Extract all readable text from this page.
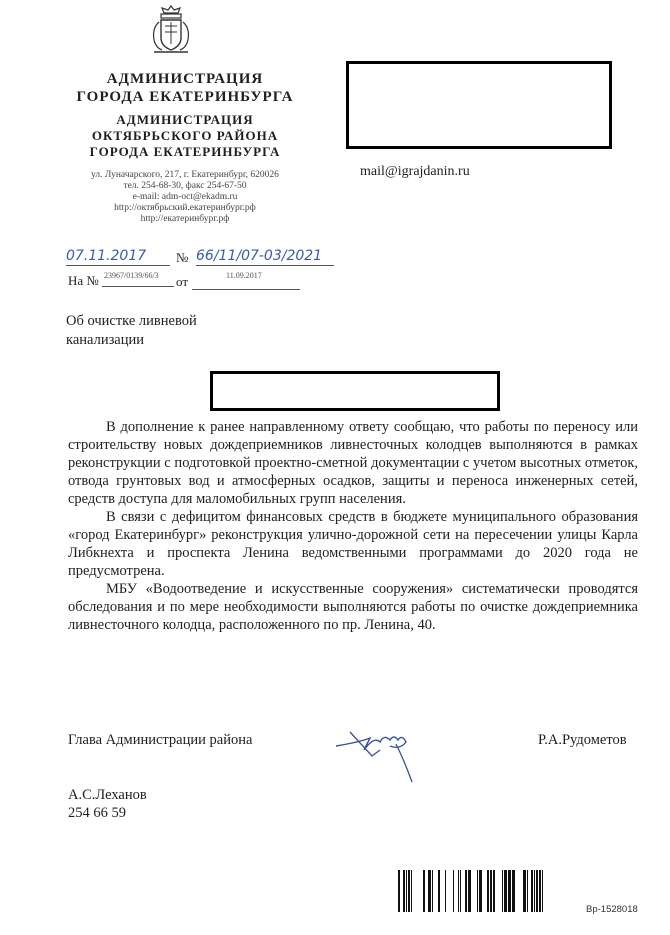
АДМИНИСТРАЦИЯ
ГОРОДА ЕКАТЕРИНБУРГА
АДМИНИСТРАЦИЯ
ОКТЯБРЬСКОГО РАЙОНА
ГОРОДА ЕКАТЕРИНБУРГА
ул. Луначарского, 217, г. Екатеринбург, 620026
тел. 254-68-30, факс 254-67-50
e-mail: adm-oct@ekadm.ru
http://октябрьский.екатеринбург.рф
http://екатеринбург.рф
mail@igrajdanin.ru
07.11.2017 № 66/11/07-03/2021
На № 23967/0139/66/3 от	11.09.2017
Об очистке ливневой
канализации

В дополнение к ранее направленному ответу сообщаю, что работы по переносу или строительству новых дождеприемников ливнесточных колодцев выполняются в рамках реконструкции с подготовкой проектно-сметной документации с учетом высотных отметок, отвода грунтовых вод и атмосферных осадков, защиты и переноса инженерных сетей, средств доступа для маломобильных групп населения.

В связи с дефицитом финансовых средств в бюджете муниципального образования «город Екатеринбург» реконструкция улично-дорожной сети на пересечении улицы Карла Либкнехта и проспекта Ленина ведомственными программами до 2020 года не предусмотрена.

МБУ «Водоотведение и искусственные сооружения» систематически проводятся обследования и по мере необходимости выполняются работы по очистке дождеприемника ливнесточного колодца, расположенного по пр. Ленина, 40.

Глава Администрации района	Р.А.Рудометов
А.С.Леханов
254 66 59
Вр-1528018
